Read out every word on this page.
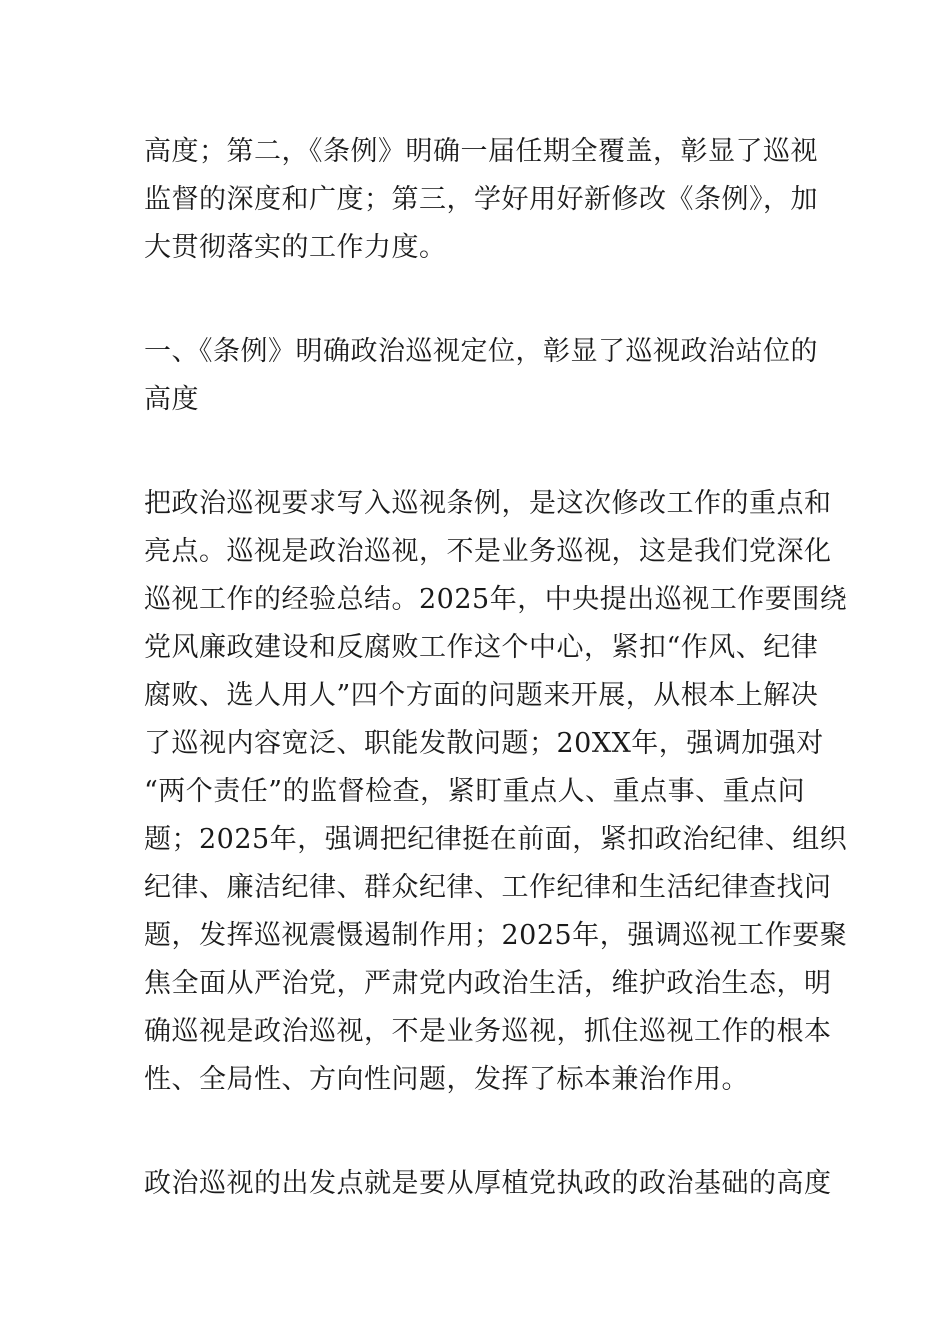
高度；第二，《条例》明确一届任期全覆盖，彰显了巡视
监督的深度和广度；第三，学好用好新修改《条例》，加
大贯彻落实的工作力度。
一、《条例》明确政治巡视定位，彰显了巡视政治站位的
高度
把政治巡视要求写入巡视条例，是这次修改工作的重点和
亮点。巡视是政治巡视，不是业务巡视，这是我们党深化
巡视工作的经验总结。2025年，中央提出巡视工作要围绕
党风廉政建设和反腐败工作这个中心，紧扣“作风、纪律
腐败、选人用人”四个方面的问题来开展，从根本上解决
了巡视内容宽泛、职能发散问题；20XX年，强调加强对
“两个责任”的监督检查，紧盯重点人、重点事、重点问
题；2025年，强调把纪律挺在前面，紧扣政治纪律、组织
纪律、廉洁纪律、群众纪律、工作纪律和生活纪律查找问
题，发挥巡视震慑遏制作用；2025年，强调巡视工作要聚
焦全面从严治党，严肃党内政治生活，维护政治生态，明
确巡视是政治巡视，不是业务巡视，抓住巡视工作的根本
性、全局性、方向性问题，发挥了标本兼治作用。
政治巡视的出发点就是要从厚植党执政的政治基础的高度
